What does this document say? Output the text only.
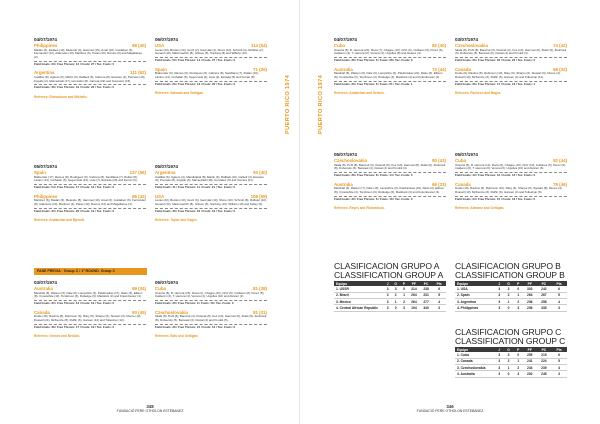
PUERTO RICO 1974
04/07/1974
Philippines	68 (40)
Madan (6), Fadaes (13), Melendo (4), Hammel (15), Amat (10), Guidaben (6), Fernandez (12), Adamudo (10), Martinez (6), Paras (10), Ramos (6) and Magallanes (2).
Field Goals: 33 / Free Throws: 12 / Fouls: 27 / Tec. Fouls: 0
Argentina	111 (62)
Cadillac (8), Agüero (6), Martin (9), Raffaeli (5), Cabrera (8), Escareo (2), Percaso (10), Fogullo (2), Mamedradi (17), Gonzalez (8), Carrera (22) and Gremanci (15).
Field Goals: 46 / Free Throws: 19 / Fouls: 20 / Tec. Fouls: 0
Referees: Richardson and Mikhelic.
06/07/1974
USA	114 (54)
Lucas (20), Burden (10), Gretz (2), Gavrylak (4), Shore (10), Schmitt (4), Ruffeler (2), Genard (10), Masimowitch (8), Gibson (5), Sunberg (8) and Wilkins (10).
Field Goals: 50 / Free Throws: 14 / Fouls: 27 / Tec. Fouls: 0
Spain	71 (36)
Brabender (6), Ramos (6), Rodriguez (6), Cabrera (8), Santillana (7), Rullan (10), Lazaro (14), Corbalan (6), Segui-Vela (6), Lluis (4), Estrada (6) and Ferran (8).
Field Goals: 29 / Free Throws: 13 / Fouls: 20 / Tec. Fouls: 0
Referees: Salvado and Gettigan.
05/07/1974
Spain	127 (56)
Brabender (17), Ramos (8), Rodriguez (6), Cabrera (8), Santillana (7), Rullan (8), Lazaro (13), Corbalan (6), Segui-Vela (13), Lluis (7), Estrada (20) and Ferran (6).
Field Goals: 54 / Free Throws: 17 / Fouls: 10 / Tec. Fouls: 0
Philippines	86 (42)
Martinez (6), Madan (6), Melendo (8), Hammel (10), Amat (6), Guidaben (6), Fernandez (8), Adamudo (10), Martinez (4), Paras (10), Ramos (12) and Magallanes (4).
Field Goals: 33 / Free Throws: 20 / Fouls: 19 / Tec. Fouls: 0
Referees: Andalzhan and Bjerndt.
05/07/1974
Argentina	93 (40)
Cadillac (6), Agüero (4), Mandizabal (8), Martin (6), Raffaeli (10), Cafiedi (4), Escareo (6), Percaso (8), Fogullo (6), Mamedradi (18), Gonzalez (6) and Carrera (21).
Field Goals: 41 / Free Throws: 11 / Fouls: 21 / Tec. Fouls: 0
USA	108 (59)
Lucas (20), Burden (10), Gretz (6), Gavrylak (10), Shore (10), Schmitt (8), Ruffeler (10), Genard (10), Masimowitch (8), Gibson (5), Sunberg (10), Wilkins (10) and Kelley (6).
Field Goals: 46 / Free Throws: 16 / Fouls: 16 / Tec. Fouls: 0
Referees: Taylor and Gagez.
FASE PREVIA · Group C / 1ª ROUND. Group C
03/07/1974
Australia	69 (34)
Marshall (6), Watson (5), Dale (8), Lampshire (6), Palubinskas (17), Rado (6), Ellison (8), Crosswhite (10), Tomlinson (6), Rutledge (6), Maddock (4) and Kolumbeviez (4).
Field Goals: 30 / Free Throws: 13 / Fouls: 19 / Tec. Fouls: 0
Canada	93 (45)
Dodie (10), Rautins (8), Robinson (6), Riley (8), Sharpe (6), Stewart (6), Moore (12), Russell (21), McKenzie (8), Ruffin (6), Hansen (12) and Tollestrup (12).
Field Goals: 38 / Free Throws: 17 / Fouls: 19 / Tec. Fouls: 0
Referees: Grimes and Beldich.
05/07/1974
Cuba	81 (38)
Ossuna (8), R. Herrera (15), Roca (2), Chappe (10), Ortiz (9), Culliaros (8), Perez (5), Calderon (4), T. Herrera (4), Verona (4), Urgelles (10) and Alvarez (2).
Field Goals: 36 / Free Throws: 9 / Fouls: 16 / Tec. Fouls: 0
Czechoslovakia	81 (31)
Skala (8), Pohl (6), Bancruk (4), Peterak (8), Kos (10), Hammel (6), Zidek (9), Zednicek (8), Dubovsky (5), Beranek (4), Dostal (4) and Kroulik (5).
Field Goals: 36 / Free Throws: 15 / Fouls: 12 / Tec. Fouls: 0
Referees: Bais and Gettigan.
348
FUNDACIÓ PERE OTHOLON ESTEBANEZ
PUERTO RICO 1974
04/07/1974
Cuba	82 (40)
Ossuna (6), R. Herrera (20), Roca (7), Chappe (10), Ortiz (6), Culliaros (6), Perez (6), Calderon (4), T. Herrera (6), Verona (4), Urgelles (8) and Alvarez (4).
Field Goals: 38 / Free Throws: 6 / Fouls: 28 / Tec. Fouls: 0
Australia	72 (44)
Marshall (6), Watson (6), Dale (6), Lampshire (6), Palubinskas (22), Rado (6), Ellison (8), Crosswhite (6), Tomlinson (4), Rutledge (4), Maddock (4) and Kolumbeviez (2).
Field Goals: 33 / Free Throws: 6 / Fouls: 21 / Tec. Fouls: 1
Referees: Andalzhan and Grimes.
03/07/1974
Czechoslovakia	74 (42)
Skala (8), Pohl (8), Bancruk (6), Peterak (6), Kos (10), Hammel (6), Zidek (9), Zednicek (6), Dubovsky (6), Beranek (6), Dostal (4) and Kroulik (4).
Field Goals: 26 / Free Throws: 22 / Fouls: 23 / Tec. Fouls: 0
Canada	69 (32)
Dodie (6), Rautins (8), Robinson (10), Riley (6), Sharpe (6), Stewart (6), Moore (4), Russell (10), McKenzie (4), Ruffin (6), Hansen (4) and Tollestrup (12).
Field Goals: 26 / Free Throws: 17 / Fouls: 16 / Tec. Fouls: 1
Referees: Pacheco and Bagez.
05/07/1974
Czechoslovakia	80 (43)
Skala (8), Pohl (8), Bancruk (6), Peterak (8), Kos (10), Hammel (8), Zidek (6), Zednicek (8), Dubovsky (6), Beranek (4), Dostal (4) and Kroulik (4).
Field Goals: 36 / Free Throws: 8 / Fouls: 14 / Tec. Fouls: 0
Australia	66 (33)
Marshall (6), Watson (7), Dale (10), Lampshire (6), Palubinskas (19), Rado (6), Ellison (8), Crosswhite (4), Tomlinson (6), Rutledge (6), Maddock (4) and Kolumbeviez (4).
Field Goals: 30 / Free Throws: 6 / Fouls: 16 / Tec. Fouls: 0
Referees: Reyes and Richardson.
05/07/1974
Cuba	92 (44)
Ossuna (6), R. Herrera (12), Roca (6), Chappe (10), Ortiz (10), Culliaros (6), Perez (6), Calderon (6), T. Herrera (6), Verona (6), Urgelles (10) and Alvarez (6).
Field Goals: 40 / Free Throws: 12 / Fouls: 12 / Tec. Fouls: 0
Canada	79 (46)
Dodie (10), Rautins (6), Robinson (10), Riley (6), Sharpe (6), Stewart (8), Moore (4), Russell (10), McKenzie (6), Ruffin (6), Hansen (4) and Tollestrup (6).
Field Goals: 34 / Free Throws: 10 / Fouls: 16 / Tec. Fouls: 0
Referees: Altmann and Gettigan.
CLASIFICACION GRUPO A
CLASSIFICATION GROUP A
Equipo	J	G	P	PF	PC	Pts
1. USSR	3	3	0	314	238	6
2. Brazil	3	2	1	264	231	5
3. Mexico	3	1	2	264	277	4
4. Central African Republic	3	0	3	194	340	3
CLASIFICACION GRUPO B
CLASSIFICATION GROUP B
Equipo	J	G	P	PF	PC	Pts
1. USA	3	3	0	303	242	6
2. Spain	3	2	1	264	267	5
3. Argentina	3	1	2	236	258	4
4. Philippines	3	0	3	236	335	3
CLASIFICACION GRUPO C
CLASSIFICATION GROUP C
Equipo	J	G	P	PF	PC	Pts
1. Cuba	3	3	0	255	219	6
2. Canada	3	2	1	241	224	5
3. Czechoslovakia	3	1	2	234	239	4
4. Australia	3	0	3	202	245	3
346
FUNDACIÓ PERE OTHOLON ESTEBANEZ
